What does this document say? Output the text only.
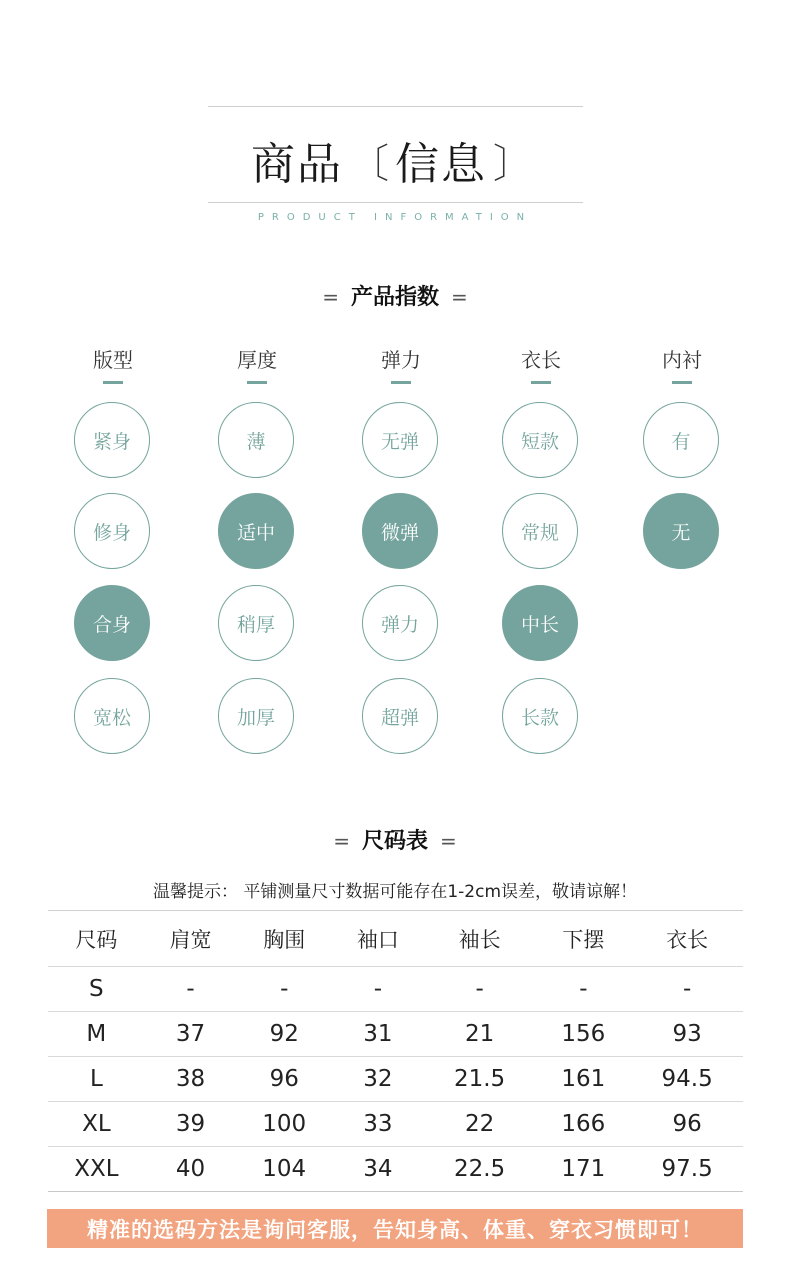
商品 〔 信息 〕
PRODUCT INFORMATION
= 产品指数 =
版型
紧身
修身
合身
宽松
厚度
薄
适中
稍厚
加厚
弹力
无弹
微弹
弹力
超弹
衣长
短款
常规
中长
长款
内衬
有
无
= 尺码表 =
温馨提示： 平铺测量尺寸数据可能存在1-2cm误差，敬请谅解！
尺码	肩宽	胸围	袖口	袖长	下摆	衣长
S	-	-	-	-	-	-
M	37	92	31	21	156	93
L	38	96	32	21.5	161	94.5
XL	39	100	33	22	166	96
XXL	40	104	34	22.5	171	97.5
精准的选码方法是询问客服，告知身高、体重、穿衣习惯即可！
